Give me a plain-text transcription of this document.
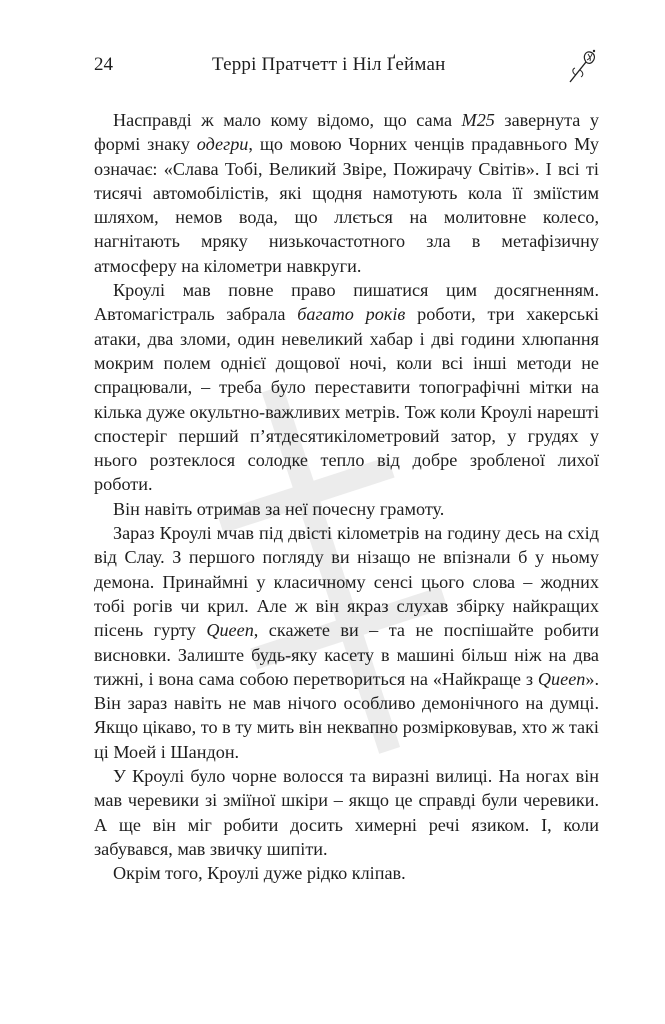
24	Террі Пратчетт і Ніл Ґейман

Насправді ж мало кому відомо, що сама М25 завернута у формі знаку одегри, що мовою Чорних ченців прадавнього Му означає: «Слава Тобі, Великий Звіре, Пожирачу Світів». І всі ті тисячі автомобілістів, які щодня намотують кола її зміїстим шляхом, немов вода, що ллється на молитовне колесо, нагнітають мряку низькочастотного зла в метафізичну атмосферу на кілометри навкруги.

Кроулі мав повне право пишатися цим досягненням. Автомагістраль забрала багато років роботи, три хакерські атаки, два зломи, один невеликий хабар і дві години хлюпання мокрим полем однієї дощової ночі, коли всі інші методи не спрацювали, – треба було переставити топографічні мітки на кілька дуже окультно-важливих метрів. Тож коли Кроулі нарешті спостеріг перший п’ятдесятикілометровий затор, у грудях у нього розтеклося солодке тепло від добре зробленої лихої роботи.

Він навіть отримав за неї почесну грамоту.

Зараз Кроулі мчав під двісті кілометрів на годину десь на схід від Слау. З першого погляду ви нізащо не впізнали б у ньому демона. Принаймні у класичному сенсі цього слова – жодних тобі рогів чи крил. Але ж він якраз слухав збірку найкращих пісень гурту Queen, скажете ви – та не поспішайте робити висновки. Залиште будь-яку касету в машині більш ніж на два тижні, і вона сама собою перетвориться на «Найкраще з Queen». Він зараз навіть не мав нічого особливо демонічного на думці. Якщо цікаво, то в ту мить він неквапно розмірковував, хто ж такі ці Моей і Шандон.

У Кроулі було чорне волосся та виразні вилиці. На ногах він мав черевики зі зміїної шкіри – якщо це справді були черевики. А ще він міг робити досить химерні речі язиком. І, коли забувався, мав звичку шипіти.

Окрім того, Кроулі дуже рідко кліпав.
